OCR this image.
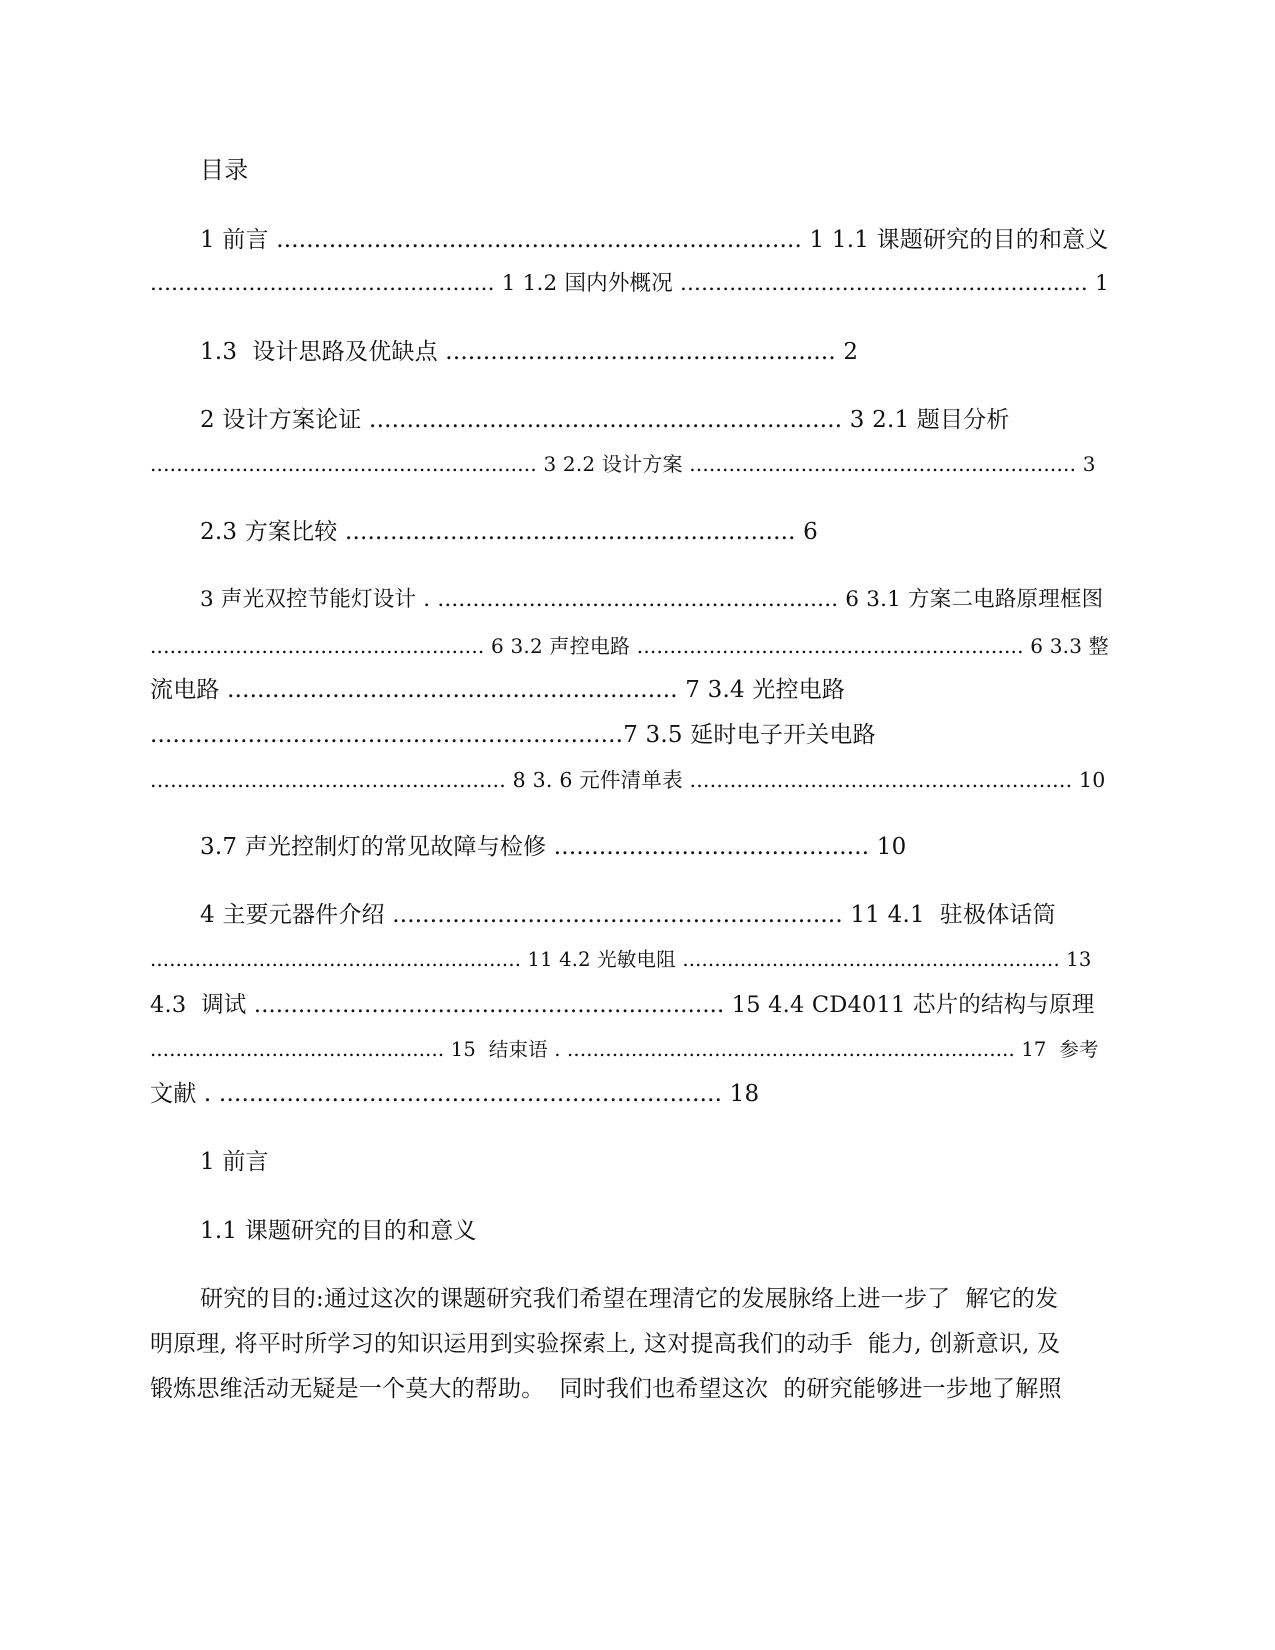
目录
1 前言 ...................................................................... 1 1.1 课题研究的目的和意义
................................................. 1 1.2 国内外概况 .......................................................... 1
1.3  设计思路及优缺点 .................................................... 2
2 设计方案论证 ............................................................... 3 2.1 题目分析
........................................................... 3 2.2 设计方案 ........................................................... 3
2.3 方案比较 ............................................................ 6
3 声光双控节能灯设计 . ......................................................... 6 3.1 方案二电路原理框图
................................................... 6 3.2 声控电路 ........................................................... 6 3.3 整
流电路 ............................................................ 7 3.4 光控电路
...............................................................7 3.5 延时电子开关电路
..................................................... 8 3. 6 元件清单表 ......................................................... 10
3.7 声光控制灯的常见故障与检修 .......................................... 10
4 主要元器件介绍 ............................................................ 11 4.1  驻极体话筒
.......................................................... 11 4.2 光敏电阻 ........................................................... 13
4.3  调试 ................................................................ 15 4.4 CD4011 芯片的结构与原理
.............................................. 15  结束语 . ...................................................................... 17  参考
文献 . ................................................................... 18
1 前言
1.1 课题研究的目的和意义
研究的目的:通过这次的课题研究我们希望在理清它的发展脉络上进一步了  解它的发
明原理, 将平时所学习的知识运用到实验探索上, 这对提高我们的动手  能力, 创新意识, 及
锻炼思维活动无疑是一个莫大的帮助。  同时我们也希望这次  的研究能够进一步地了解照
